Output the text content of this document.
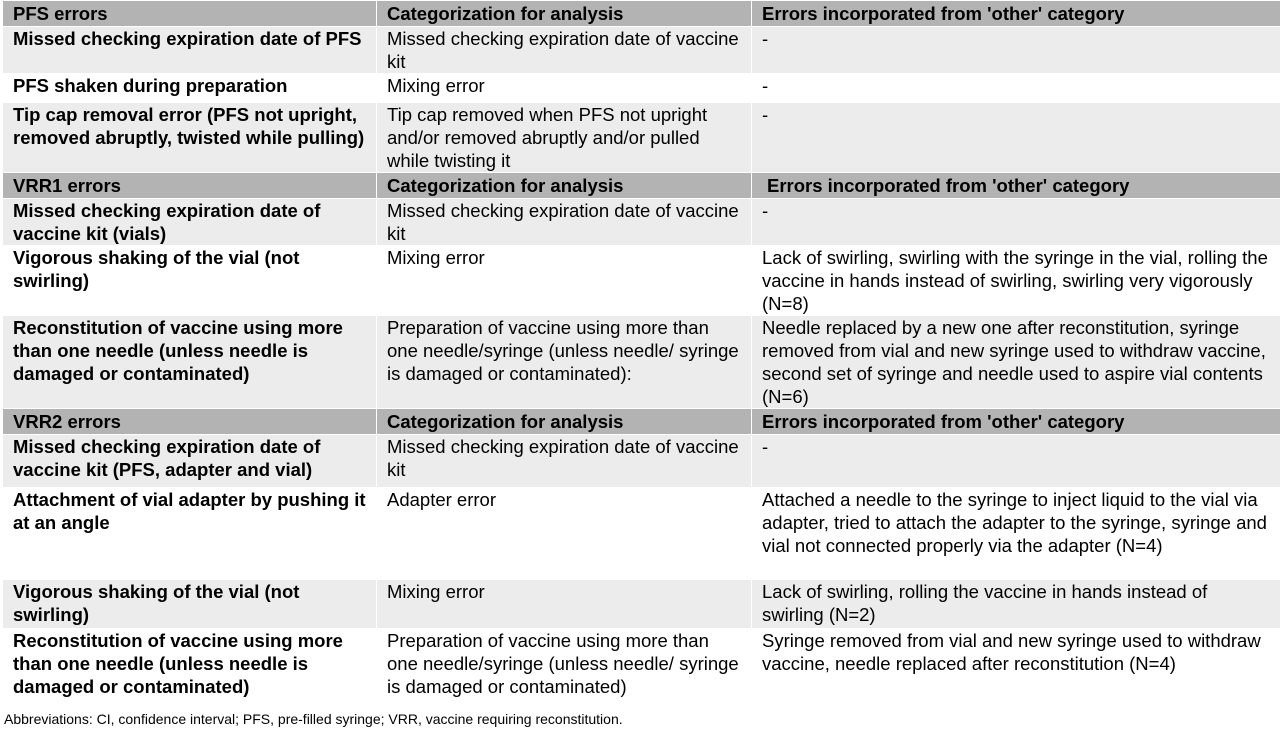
PFS errors	Categorization for analysis	Errors incorporated from 'other' category
Missed checking expiration date of PFS	Missed checking expiration date of vaccine kit	-
PFS shaken during preparation	Mixing error	-
Tip cap removal error (PFS not upright, removed abruptly, twisted while pulling)	Tip cap removed when PFS not upright and/or removed abruptly and/or pulled while twisting it	-
VRR1 errors	Categorization for analysis	Errors incorporated from 'other' category
Missed checking expiration date of vaccine kit (vials)	Missed checking expiration date of vaccine kit	-
Vigorous shaking of the vial (not swirling)	Mixing error	Lack of swirling, swirling with the syringe in the vial, rolling the vaccine in hands instead of swirling, swirling very vigorously (N=8)
Reconstitution of vaccine using more than one needle (unless needle is damaged or contaminated)	Preparation of vaccine using more than one needle/syringe (unless needle/ syringe is damaged or contaminated):	Needle replaced by a new one after reconstitution, syringe removed from vial and new syringe used to withdraw vaccine, second set of syringe and needle used to aspire vial contents (N=6)
VRR2 errors	Categorization for analysis	Errors incorporated from 'other' category
Missed checking expiration date of vaccine kit (PFS, adapter and vial)	Missed checking expiration date of vaccine kit	-
Attachment of vial adapter by pushing it at an angle	Adapter error	Attached a needle to the syringe to inject liquid to the vial via adapter, tried to attach the adapter to the syringe, syringe and vial not connected properly via the adapter (N=4)
Vigorous shaking of the vial (not swirling)	Mixing error	Lack of swirling, rolling the vaccine in hands instead of swirling (N=2)
Reconstitution of vaccine using more than one needle (unless needle is damaged or contaminated)	Preparation of vaccine using more than one needle/syringe (unless needle/ syringe is damaged or contaminated)	Syringe removed from vial and new syringe used to withdraw vaccine, needle replaced after reconstitution (N=4)
Abbreviations: CI, confidence interval; PFS, pre-filled syringe; VRR, vaccine requiring reconstitution.
